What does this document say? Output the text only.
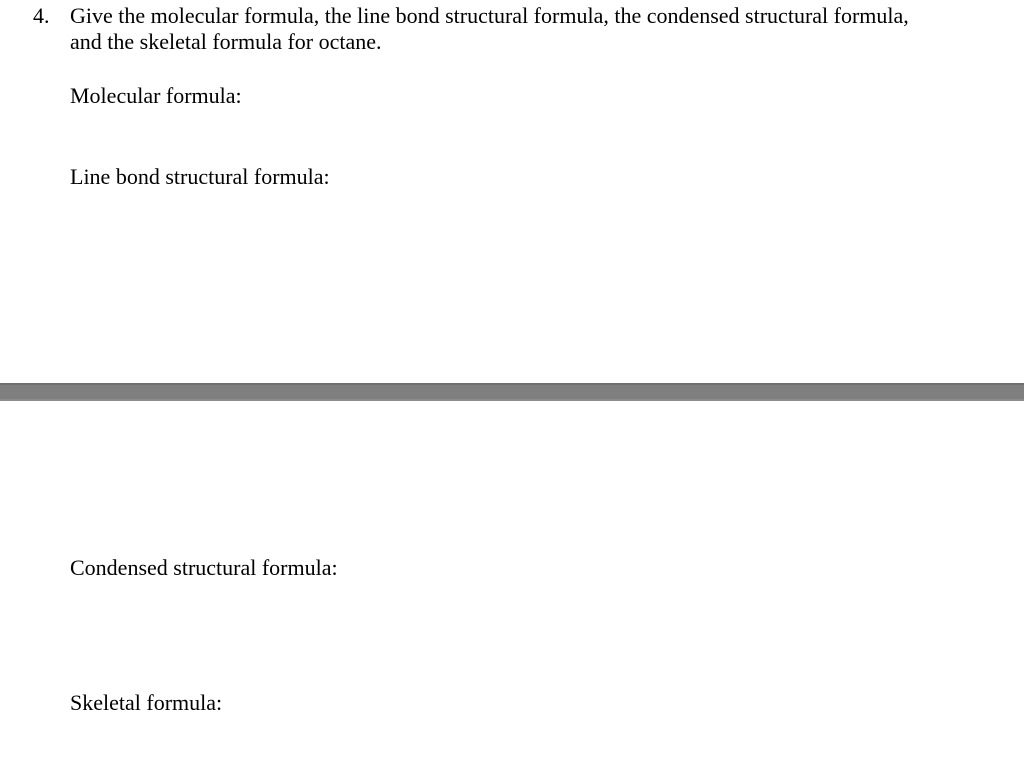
4. Give the molecular formula, the line bond structural formula, the condensed structural formula,
and the skeletal formula for octane.
Molecular formula:
Line bond structural formula:
Condensed structural formula:
Skeletal formula:
